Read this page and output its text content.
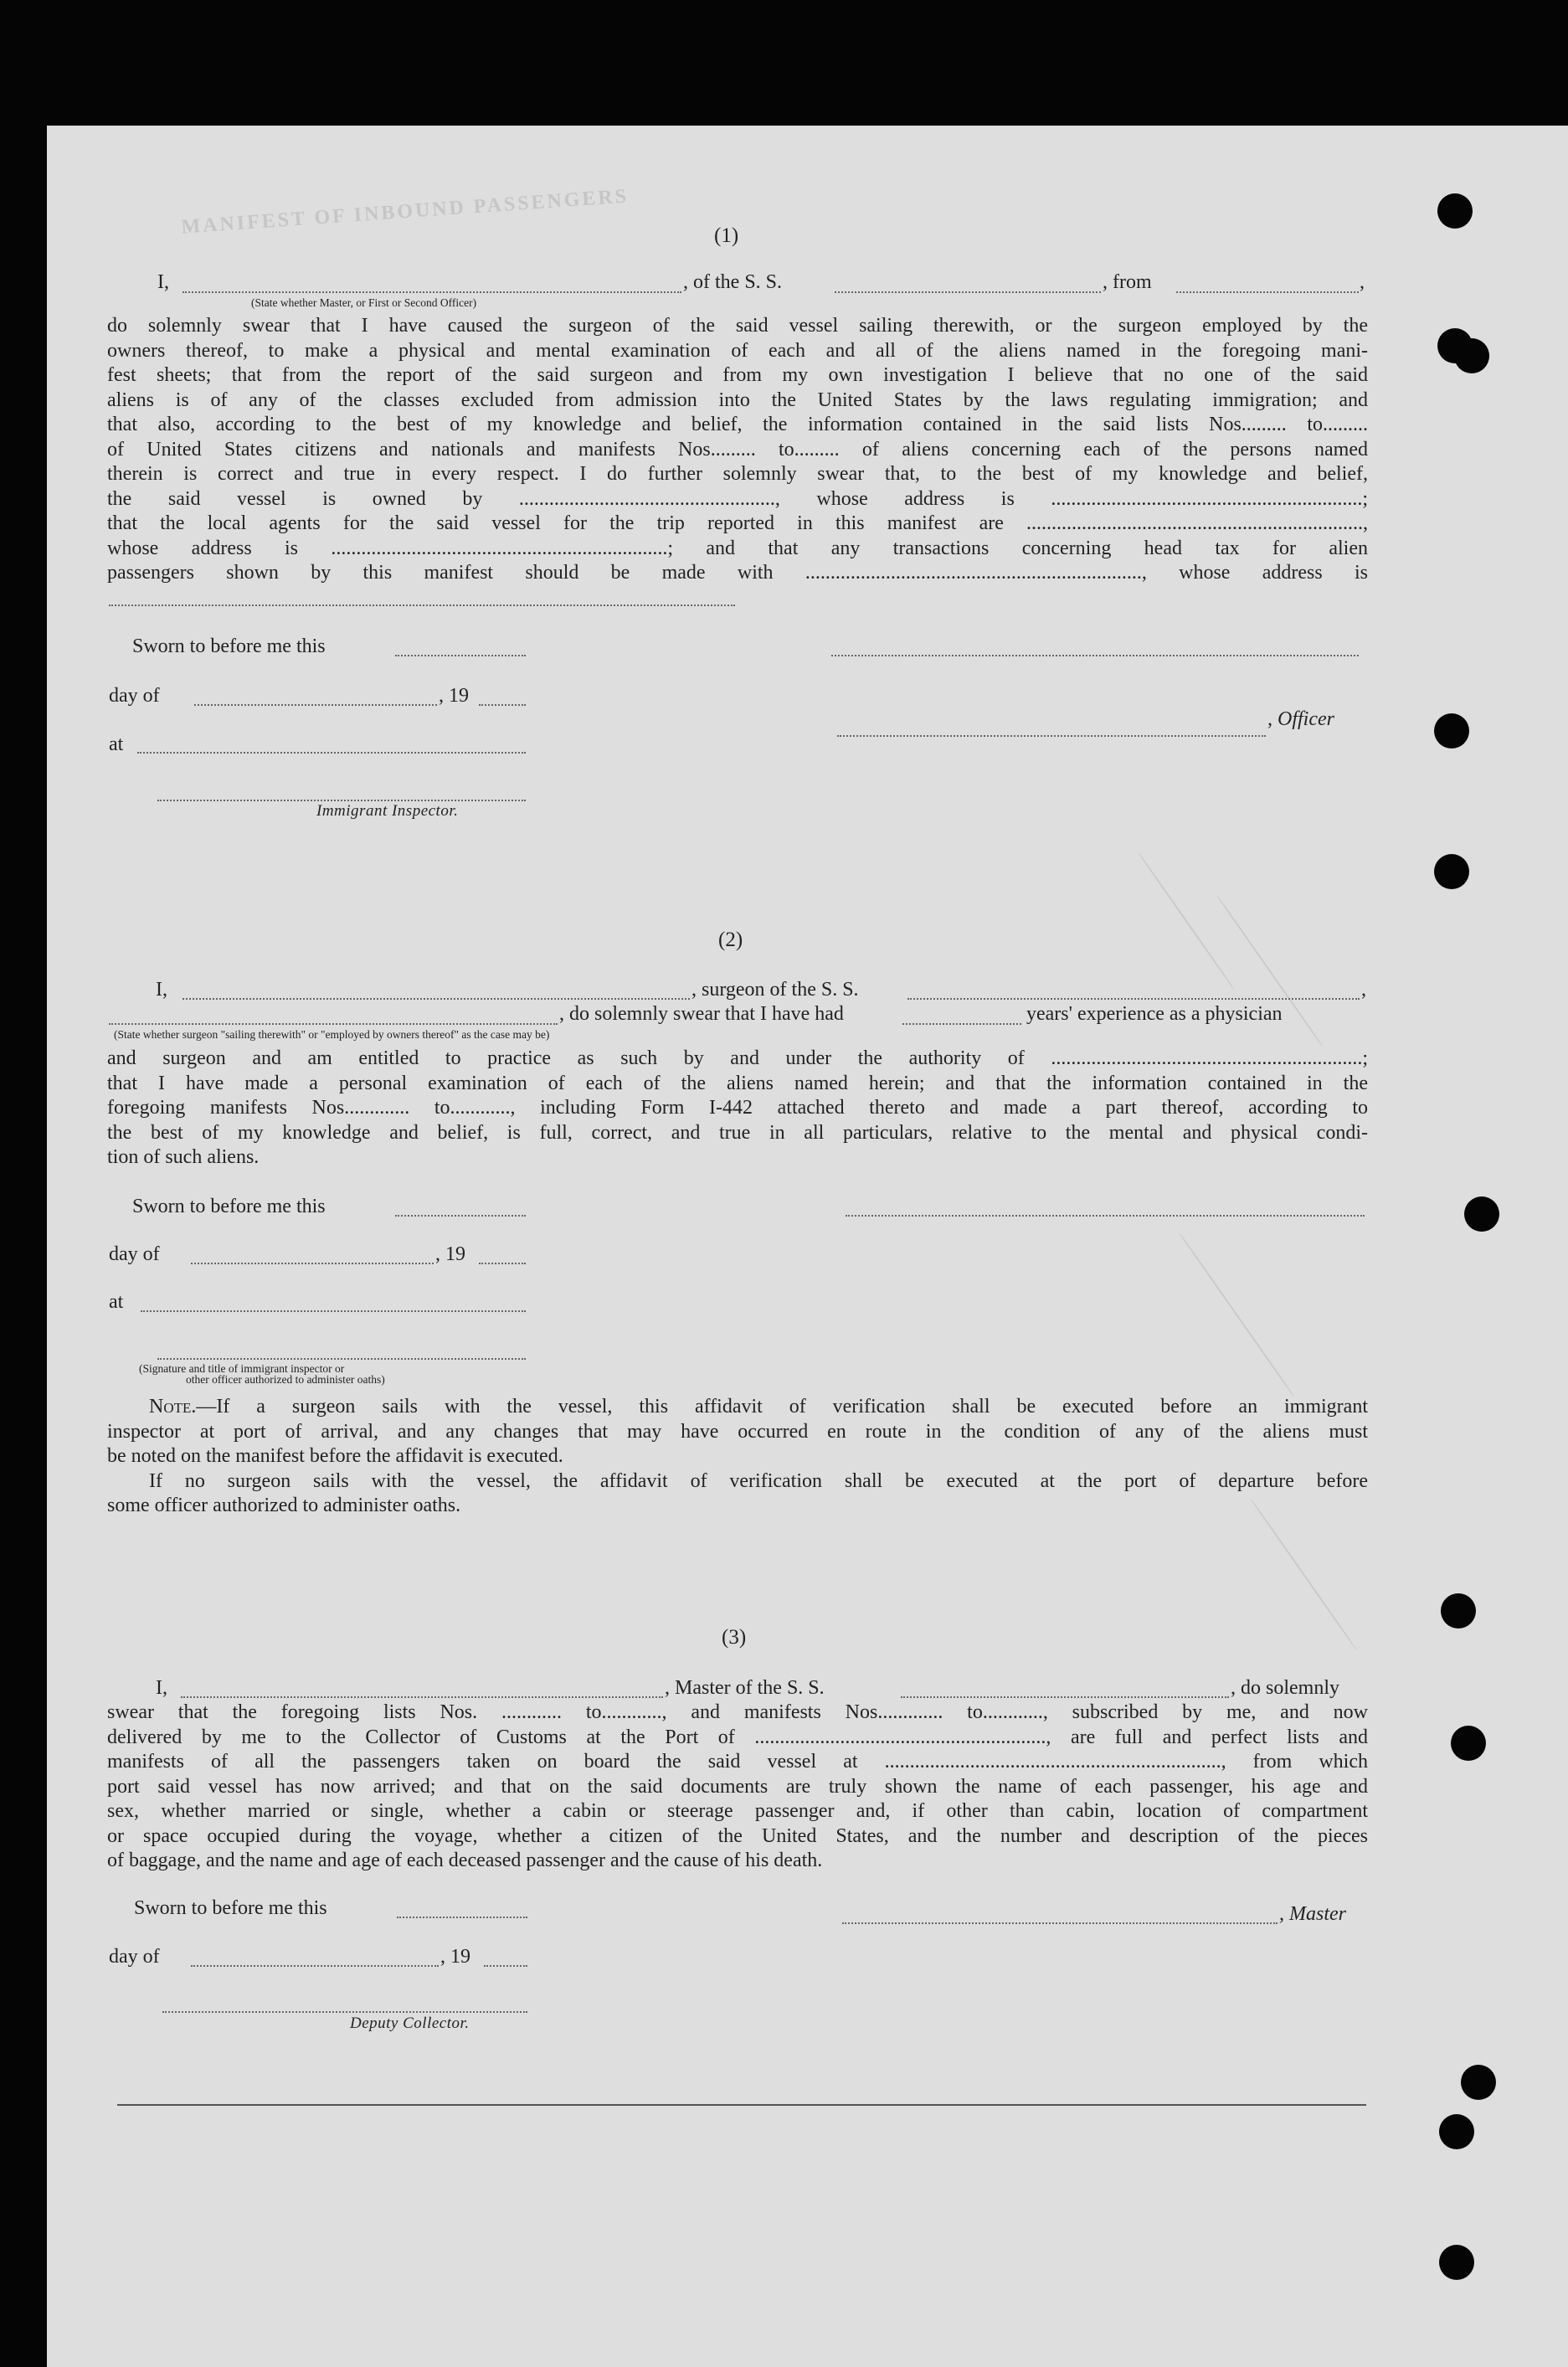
MANIFEST OF INBOUND PASSENGERS	(1)
I,	, of the S. S.	, from	,
(State whether Master, or First or Second Officer)
do solemnly swear that I have caused the surgeon of the said vessel sailing therewith, or the surgeon employed by the
owners thereof, to make a physical and mental examination of each and all of the aliens named in the foregoing mani-
fest sheets; that from the report of the said surgeon and from my own investigation I believe that no one of the said
aliens is of any of the classes excluded from admission into the United States by the laws regulating immigration; and
that also, according to the best of my knowledge and belief, the information contained in the said lists Nos......... to.........
of United States citizens and nationals and manifests Nos......... to......... of aliens concerning each of the persons named
therein is correct and true in every respect. I do further solemnly swear that, to the best of my knowledge and belief,
the said vessel is owned by ..................................................., whose address is ..............................................................;
that the local agents for the said vessel for the trip reported in this manifest are ...................................................................,
whose address is ...................................................................; and that any transactions concerning head tax for alien
passengers shown by this manifest should be made with ..................................................................., whose address is
Sworn to before me this
day of	, 19
, Officer
at
Immigrant Inspector.
(2)
I,	, surgeon of the S. S.	,
, do solemnly swear that I have had	years' experience as a physician
(State whether surgeon "sailing therewith" or "employed by owners thereof" as the case may be)
and surgeon and am entitled to practice as such by and under the authority of ..............................................................;
that I have made a personal examination of each of the aliens named herein; and that the information contained in the
foregoing manifests Nos............. to............, including Form I-442 attached thereto and made a part thereof, according to
the best of my knowledge and belief, is full, correct, and true in all particulars, relative to the mental and physical condi-
tion of such aliens.
Sworn to before me this
day of	, 19
at
(Signature and title of immigrant inspector or
other officer authorized to administer oaths)
Note.—If a surgeon sails with the vessel, this affidavit of verification shall be executed before an immigrant
inspector at port of arrival, and any changes that may have occurred en route in the condition of any of the aliens must
be noted on the manifest before the affidavit is executed.
If no surgeon sails with the vessel, the affidavit of verification shall be executed at the port of departure before
some officer authorized to administer oaths.
(3)
I,	, Master of the S. S.	, do solemnly
swear that the foregoing lists Nos. ............ to............, and manifests Nos............. to............, subscribed by me, and now
delivered by me to the Collector of Customs at the Port of .........................................................., are full and perfect lists and
manifests of all the passengers taken on board the said vessel at ..................................................................., from which
port said vessel has now arrived; and that on the said documents are truly shown the name of each passenger, his age and
sex, whether married or single, whether a cabin or steerage passenger and, if other than cabin, location of compartment
or space occupied during the voyage, whether a citizen of the United States, and the number and description of the pieces
of baggage, and the name and age of each deceased passenger and the cause of his death.
Sworn to before me this	, Master
day of	, 19
Deputy Collector.
